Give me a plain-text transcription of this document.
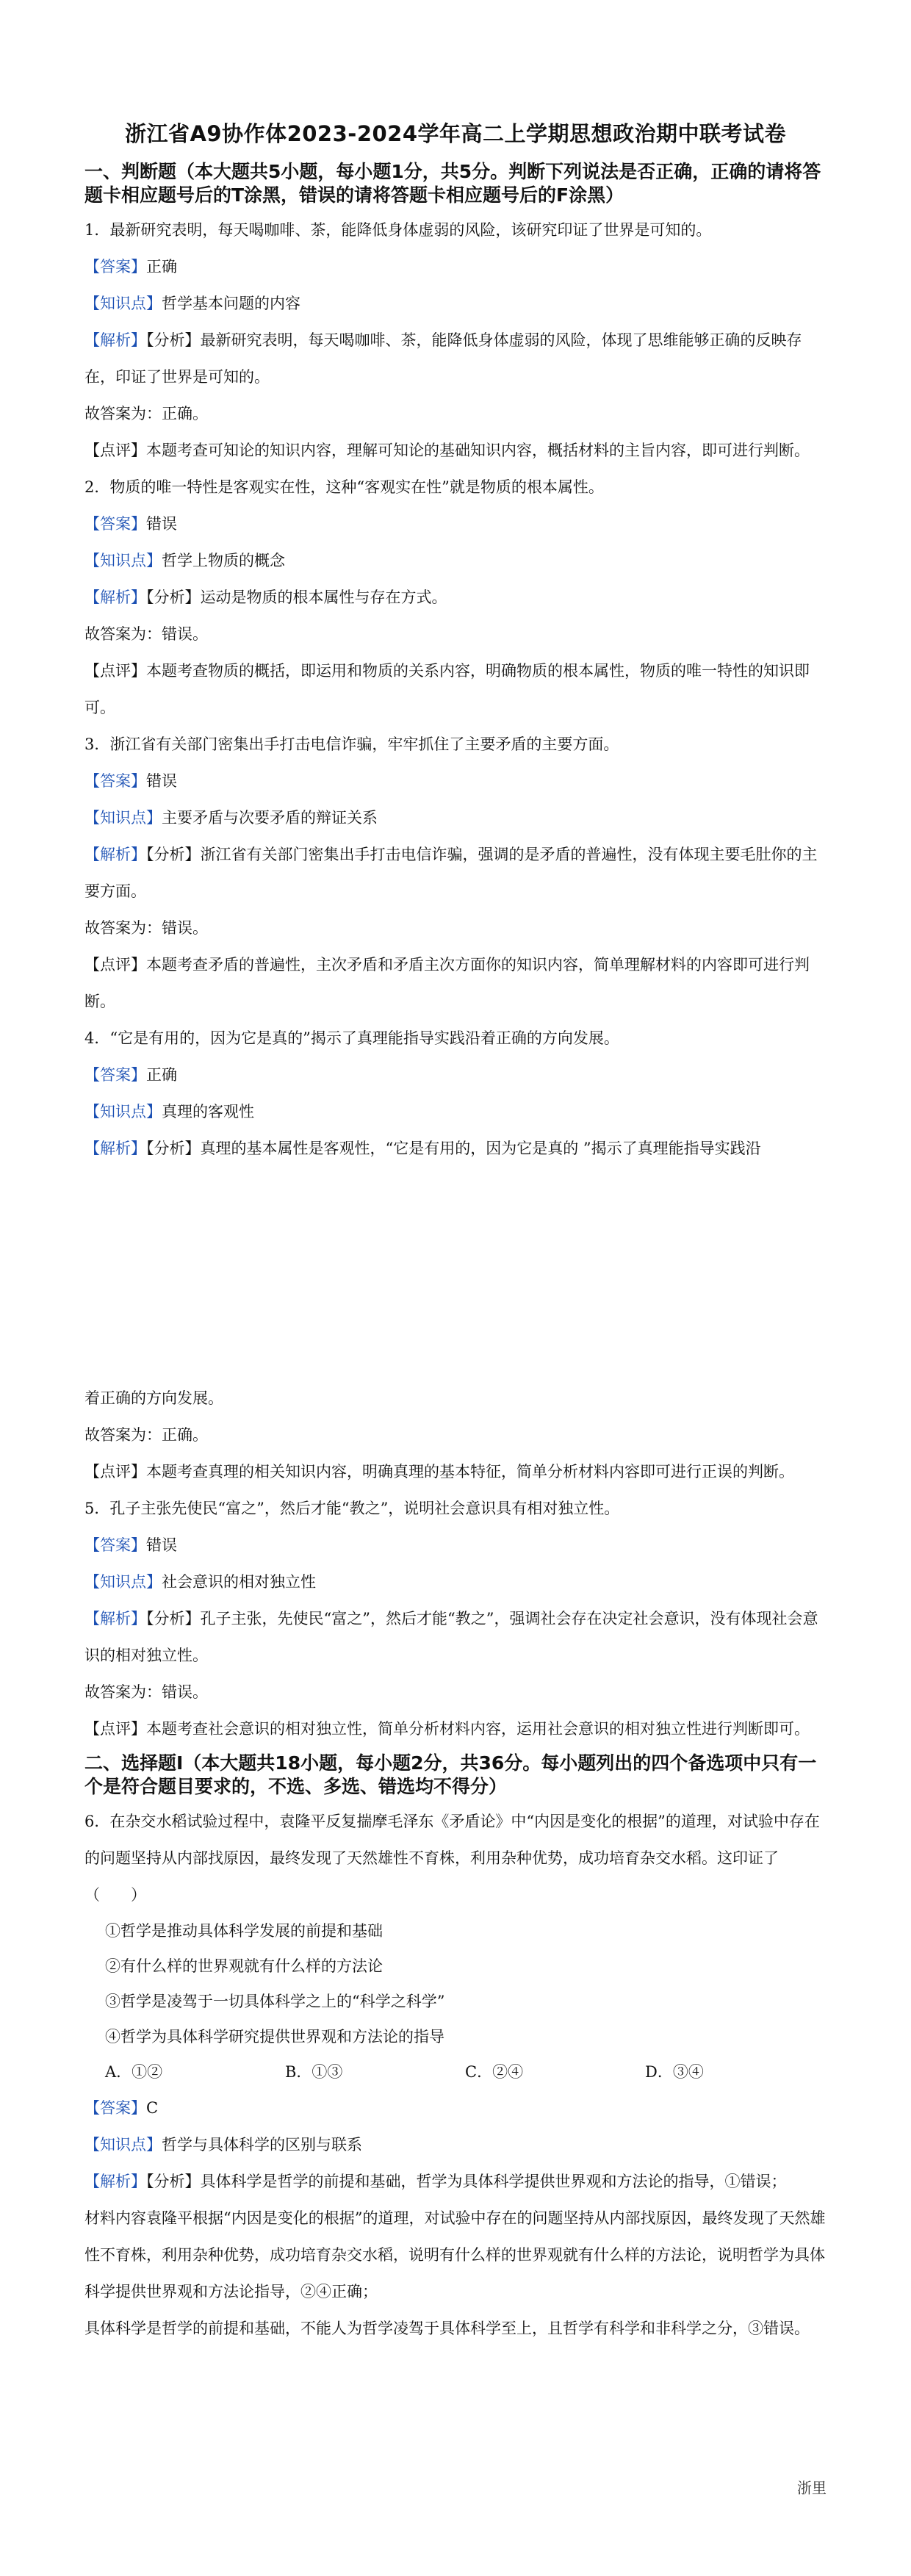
浙江省A9协作体2023-2024学年高二上学期思想政治期中联考试卷

一、判断题（本大题共5小题，每小题1分，共5分。判断下列说法是否正确，正确的请将答题卡相应题号后的T涂黑，错误的请将答题卡相应题号后的F涂黑）

1．最新研究表明，每天喝咖啡、茶，能降低身体虚弱的风险，该研究印证了世界是可知的。

【答案】正确

【知识点】哲学基本问题的内容

【解析】【分析】最新研究表明，每天喝咖啡、茶，能降低身体虚弱的风险，体现了思维能够正确的反映存在，印证了世界是可知的。

故答案为：正确。

【点评】本题考查可知论的知识内容，理解可知论的基础知识内容，概括材料的主旨内容，即可进行判断。

2．物质的唯一特性是客观实在性，这种“客观实在性”就是物质的根本属性。

【答案】错误

【知识点】哲学上物质的概念

【解析】【分析】运动是物质的根本属性与存在方式。

故答案为：错误。

【点评】本题考查物质的概括，即运用和物质的关系内容，明确物质的根本属性，物质的唯一特性的知识即可。

3．浙江省有关部门密集出手打击电信诈骗，牢牢抓住了主要矛盾的主要方面。

【答案】错误

【知识点】主要矛盾与次要矛盾的辩证关系

【解析】【分析】浙江省有关部门密集出手打击电信诈骗，强调的是矛盾的普遍性，没有体现主要毛肚你的主要方面。

故答案为：错误。

【点评】本题考查矛盾的普遍性，主次矛盾和矛盾主次方面你的知识内容，简单理解材料的内容即可进行判断。

4．“它是有用的，因为它是真的”揭示了真理能指导实践沿着正确的方向发展。

【答案】正确

【知识点】真理的客观性

【解析】【分析】真理的基本属性是客观性，“它是有用的，因为它是真的 ”揭示了真理能指导实践沿

着正确的方向发展。

故答案为：正确。

【点评】本题考查真理的相关知识内容，明确真理的基本特征，简单分析材料内容即可进行正误的判断。

5．孔子主张先使民“富之”，然后才能“教之”，说明社会意识具有相对独立性。

【答案】错误

【知识点】社会意识的相对独立性

【解析】【分析】孔子主张，先使民“富之”，然后才能“教之”，强调社会存在决定社会意识，没有体现社会意识的相对独立性。

故答案为：错误。

【点评】本题考查社会意识的相对独立性，简单分析材料内容，运用社会意识的相对独立性进行判断即可。

二、选择题Ⅰ（本大题共18小题，每小题2分，共36分。每小题列出的四个备选项中只有一个是符合题目要求的，不选、多选、错选均不得分）

6．在杂交水稻试验过程中，袁隆平反复揣摩毛泽东《矛盾论》中“内因是变化的根据”的道理，对试验中存在的问题坚持从内部找原因，最终发现了天然雄性不育株，利用杂种优势，成功培育杂交水稻。这印证了（　　）

①哲学是推动具体科学发展的前提和基础

②有什么样的世界观就有什么样的方法论

③哲学是凌驾于一切具体科学之上的“科学之科学”

④哲学为具体科学研究提供世界观和方法论的指导

A．①②	B．①③	C．②④	D．③④

【答案】C

【知识点】哲学与具体科学的区别与联系

【解析】【分析】具体科学是哲学的前提和基础，哲学为具体科学提供世界观和方法论的指导，①错误；

材料内容袁隆平根据“内因是变化的根据”的道理，对试验中存在的问题坚持从内部找原因，最终发现了天然雄性不育株，利用杂种优势，成功培育杂交水稻，说明有什么样的世界观就有什么样的方法论，说明哲学为具体科学提供世界观和方法论指导，②④正确；

具体科学是哲学的前提和基础，不能人为哲学凌驾于具体科学至上，且哲学有科学和非科学之分，③错误。

浙里
